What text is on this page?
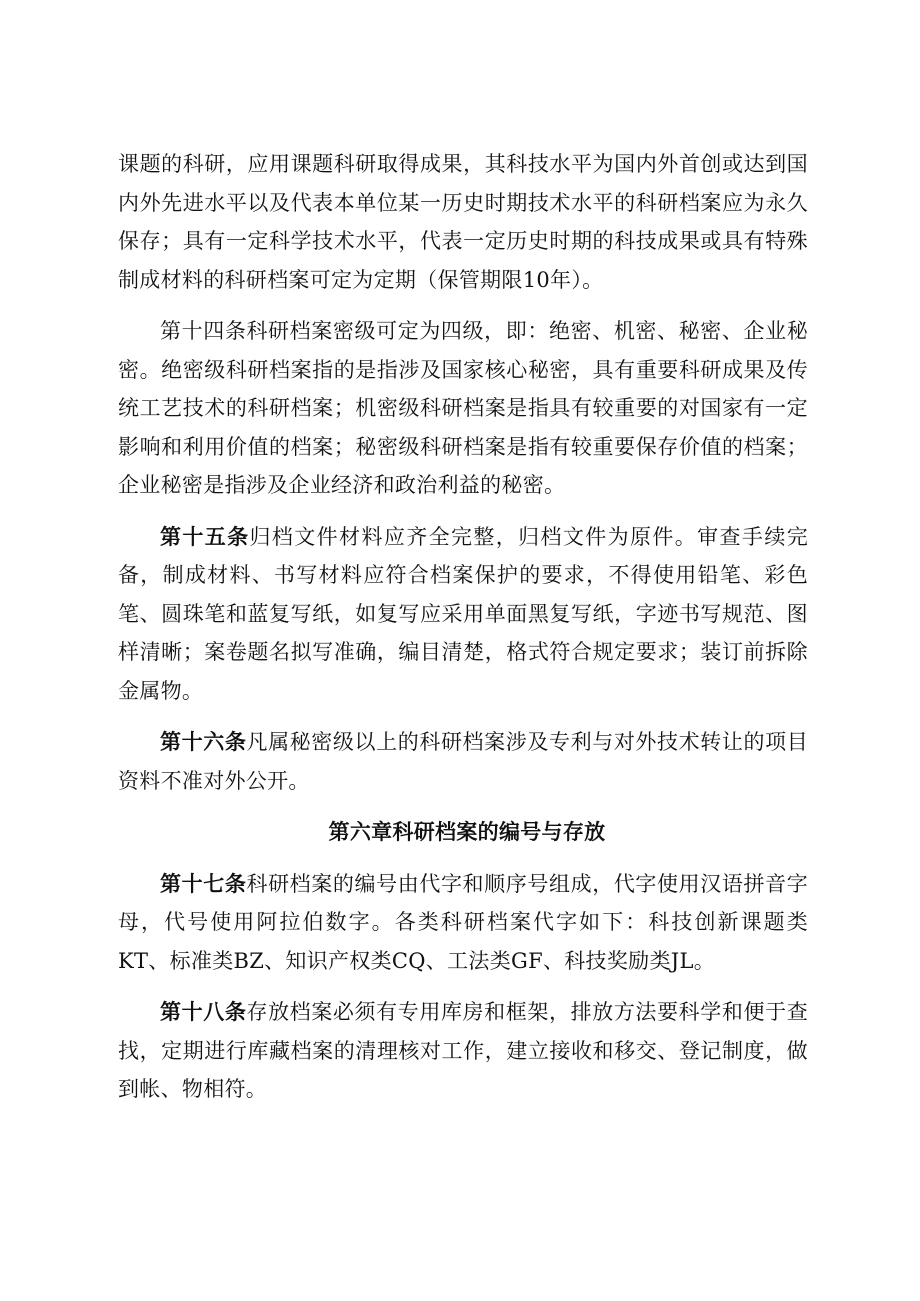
课题的科研，应用课题科研取得成果，其科技水平为国内外首创或达到国内外先进水平以及代表本单位某一历史时期技术水平的科研档案应为永久保存；具有一定科学技术水平，代表一定历史时期的科技成果或具有特殊制成材料的科研档案可定为定期（保管期限10年）。

第十四条科研档案密级可定为四级，即：绝密、机密、秘密、企业秘密。绝密级科研档案指的是指涉及国家核心秘密，具有重要科研成果及传统工艺技术的科研档案；机密级科研档案是指具有较重要的对国家有一定影响和利用价值的档案；秘密级科研档案是指有较重要保存价值的档案；企业秘密是指涉及企业经济和政治利益的秘密。

第十五条归档文件材料应齐全完整，归档文件为原件。审查手续完备，制成材料、书写材料应符合档案保护的要求，不得使用铅笔、彩色笔、圆珠笔和蓝复写纸，如复写应采用单面黑复写纸，字迹书写规范、图样清晰；案卷题名拟写准确，编目清楚，格式符合规定要求；装订前拆除金属物。

第十六条凡属秘密级以上的科研档案涉及专利与对外技术转让的项目资料不准对外公开。

第六章科研档案的编号与存放

第十七条科研档案的编号由代字和顺序号组成，代字使用汉语拼音字母，代号使用阿拉伯数字。各类科研档案代字如下：科技创新课题类KT、标准类BZ、知识产权类CQ、工法类GF、科技奖励类JL。

第十八条存放档案必须有专用库房和框架，排放方法要科学和便于查找，定期进行库藏档案的清理核对工作，建立接收和移交、登记制度，做到帐、物相符。
